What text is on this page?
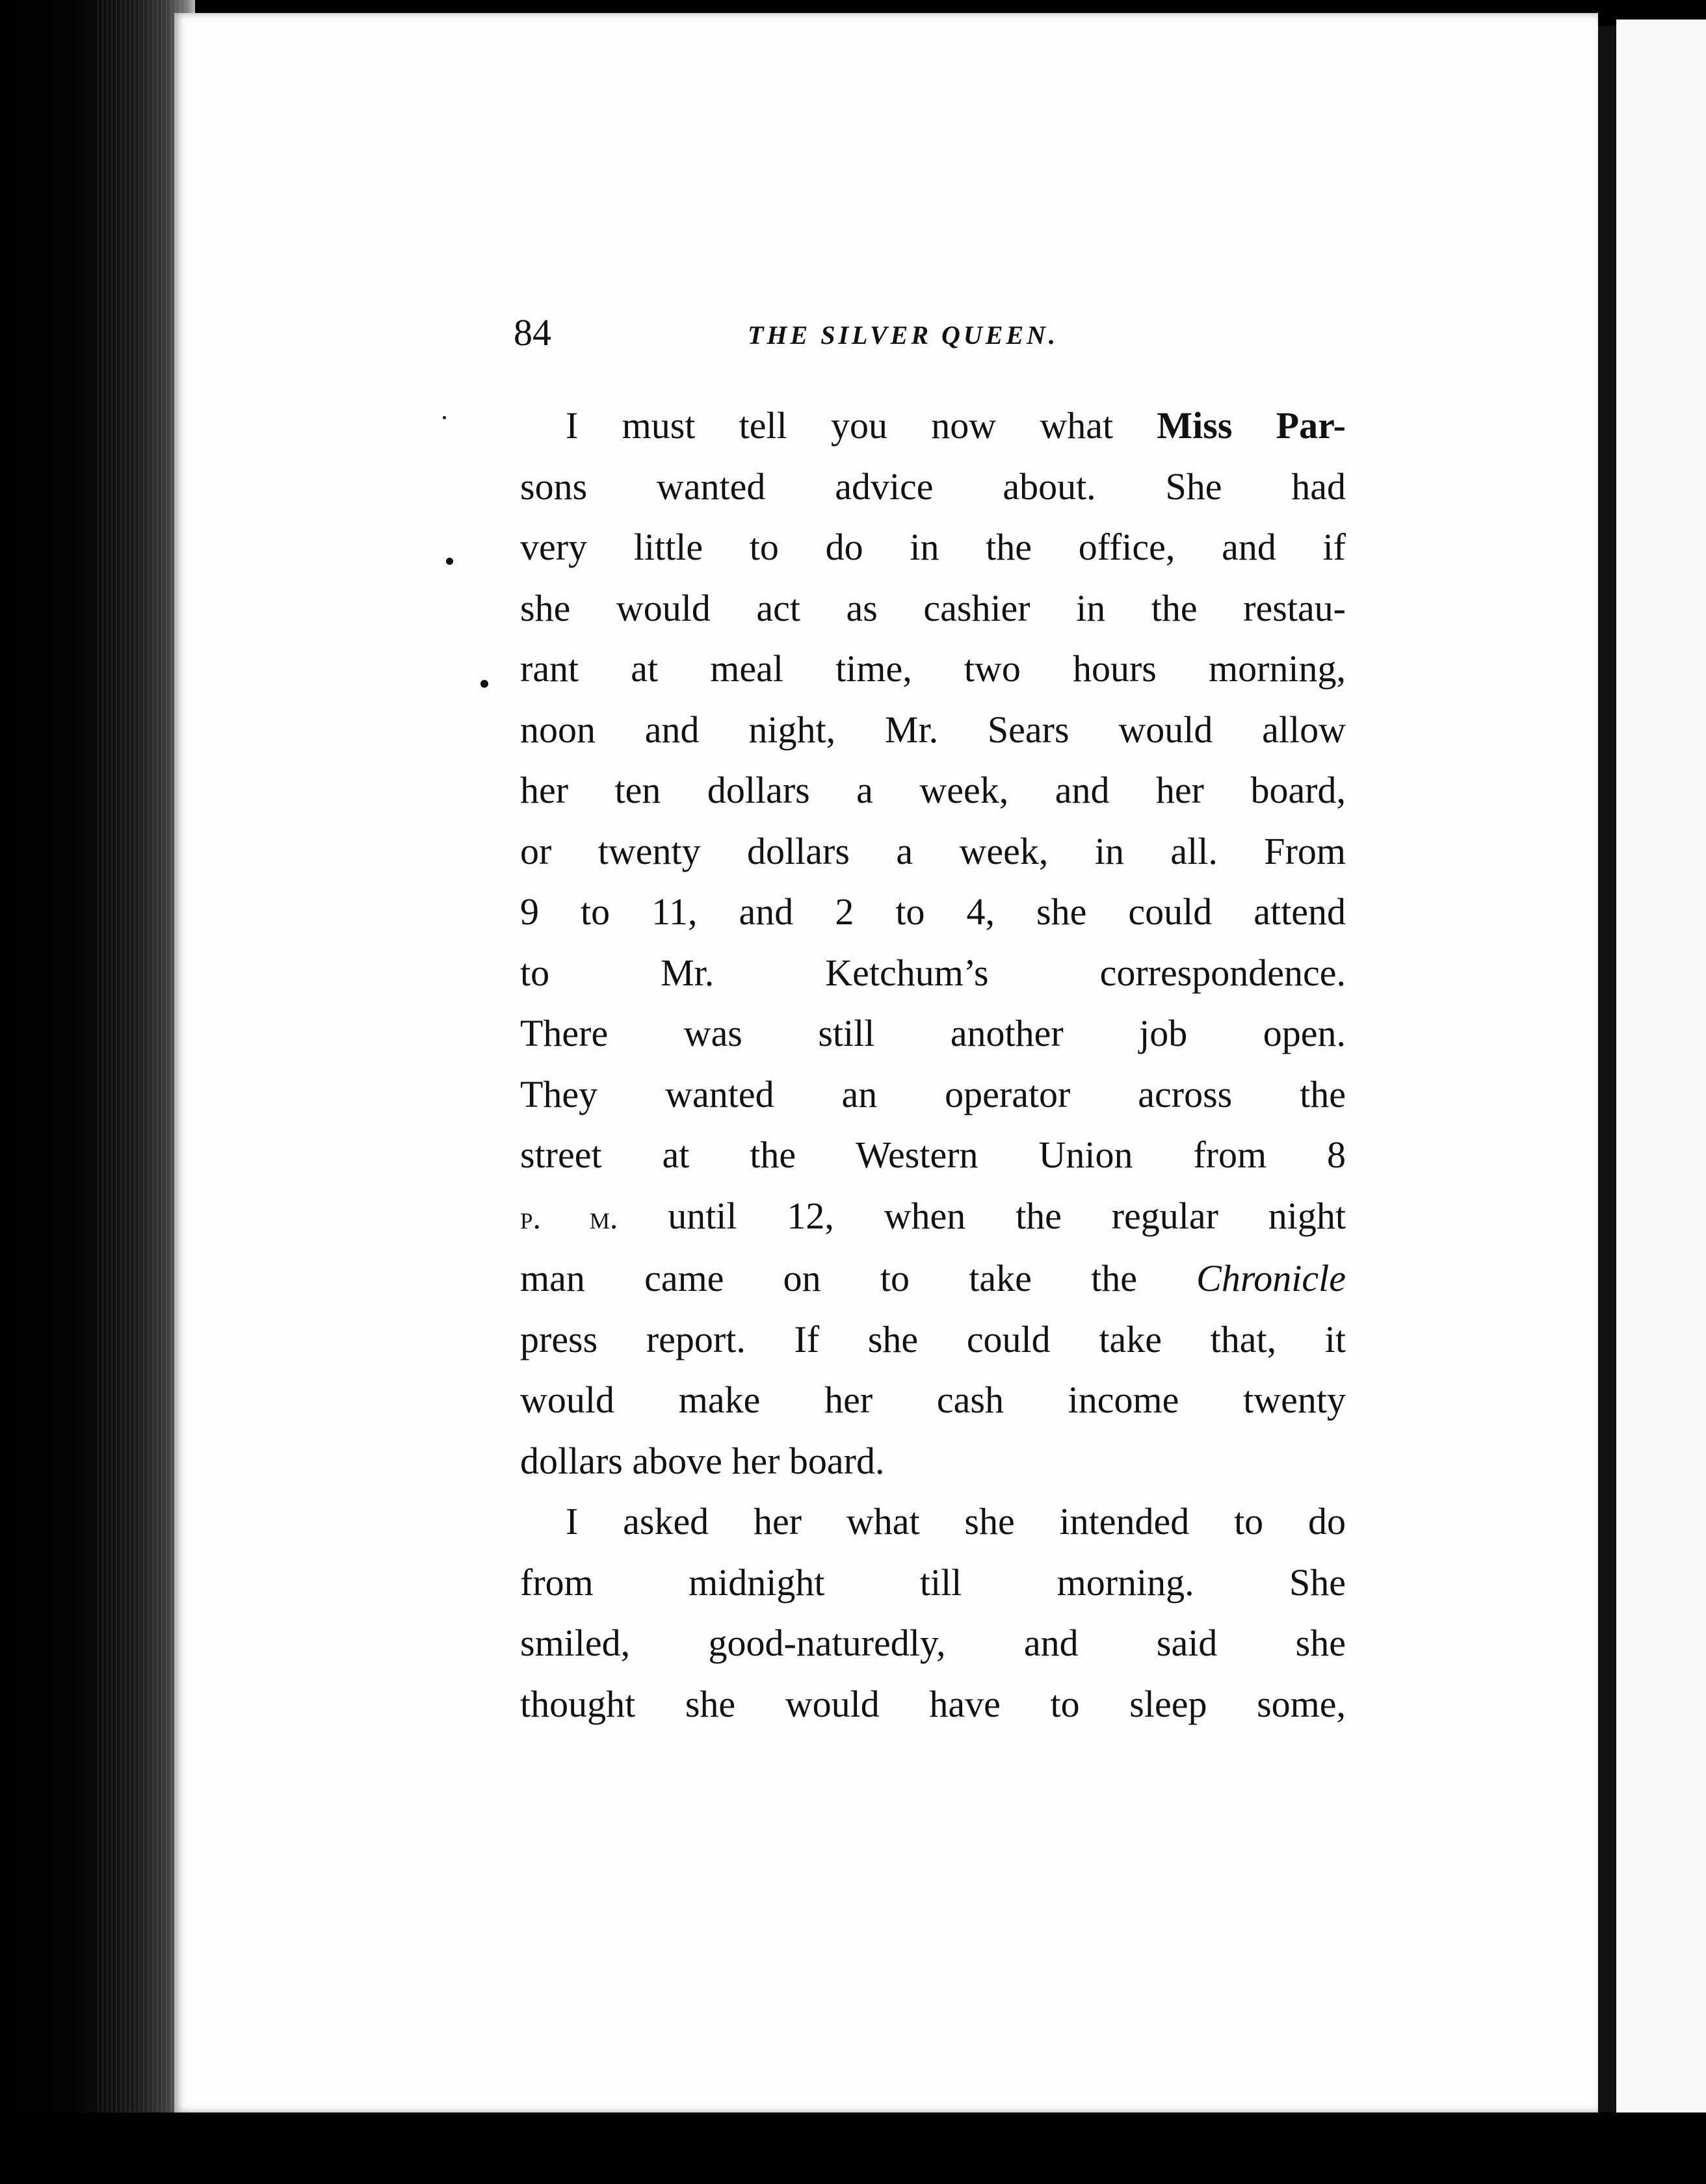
84	THE SILVER QUEEN.
I must tell you now what Miss Par-
sons wanted advice about. She had
very little to do in the office, and if
she would act as cashier in the restau-
rant at meal time, two hours morning,
noon and night, Mr. Sears would allow
her ten dollars a week, and her board,
or twenty dollars a week, in all. From
9 to 11, and 2 to 4, she could attend
to Mr. Ketchum’s correspondence.
There was still another job open.
They wanted an operator across the
street at the Western Union from 8
p. m. until 12, when the regular night
man came on to take the Chronicle
press report. If she could take that, it
would make her cash income twenty
dollars above her board.
I asked her what she intended to do
from midnight till morning. She
smiled, good-naturedly, and said she
thought she would have to sleep some,
